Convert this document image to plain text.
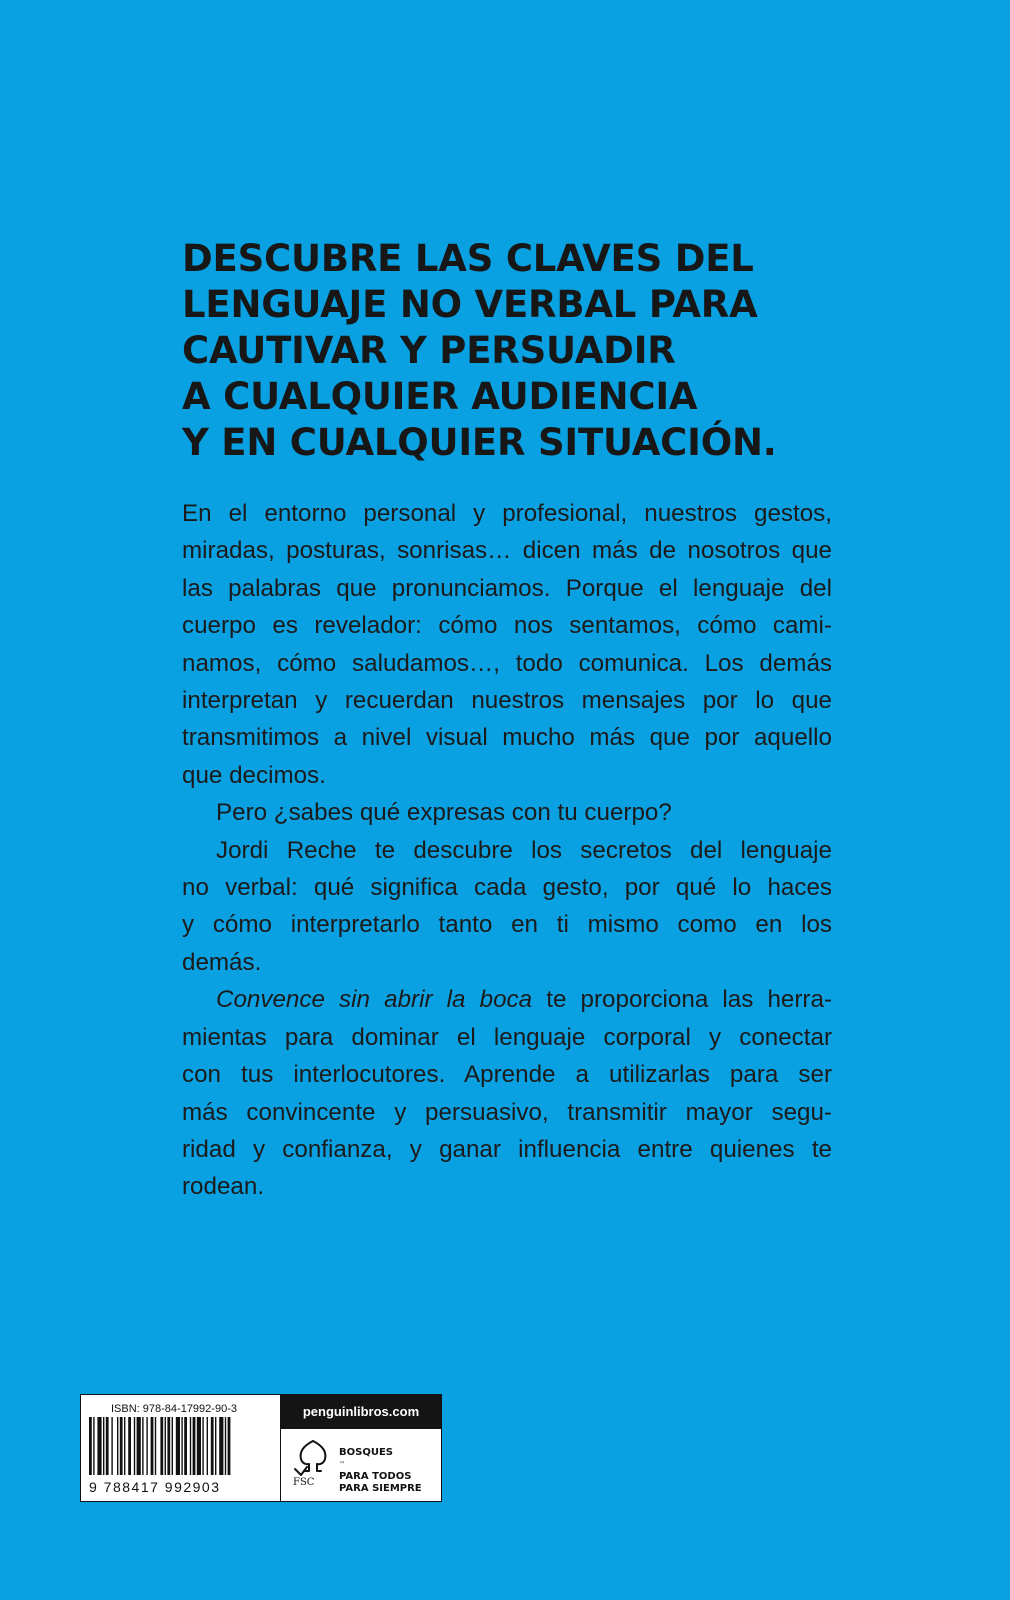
DESCUBRE LAS CLAVES DEL
LENGUAJE NO VERBAL PARA
CAUTIVAR Y PERSUADIR
A CUALQUIER AUDIENCIA
Y EN CUALQUIER SITUACIÓN.
En el entorno personal y profesional, nuestros gestos,
miradas, posturas, sonrisas… dicen más de nosotros que
las palabras que pronunciamos. Porque el lenguaje del
cuerpo es revelador: cómo nos sentamos, cómo cami-
namos, cómo saludamos…, todo comunica. Los demás
interpretan y recuerdan nuestros mensajes por lo que
transmitimos a nivel visual mucho más que por aquello
que decimos.
Pero ¿sabes qué expresas con tu cuerpo?
Jordi Reche te descubre los secretos del lenguaje
no verbal: qué significa cada gesto, por qué lo haces
y cómo interpretarlo tanto en ti mismo como en los
demás.
Convence sin abrir la boca te proporciona las herra-
mientas para dominar el lenguaje corporal y conectar
con tus interlocutores. Aprende a utilizarlas para ser
más convincente y persuasivo, transmitir mayor segu-
ridad y confianza, y ganar influencia entre quienes te
rodean.
ISBN: 978-84-17992-90-3
9 788417 992903
penguinlibros.com
FSC
BOSQUES
™
PARA TODOS
PARA SIEMPRE
